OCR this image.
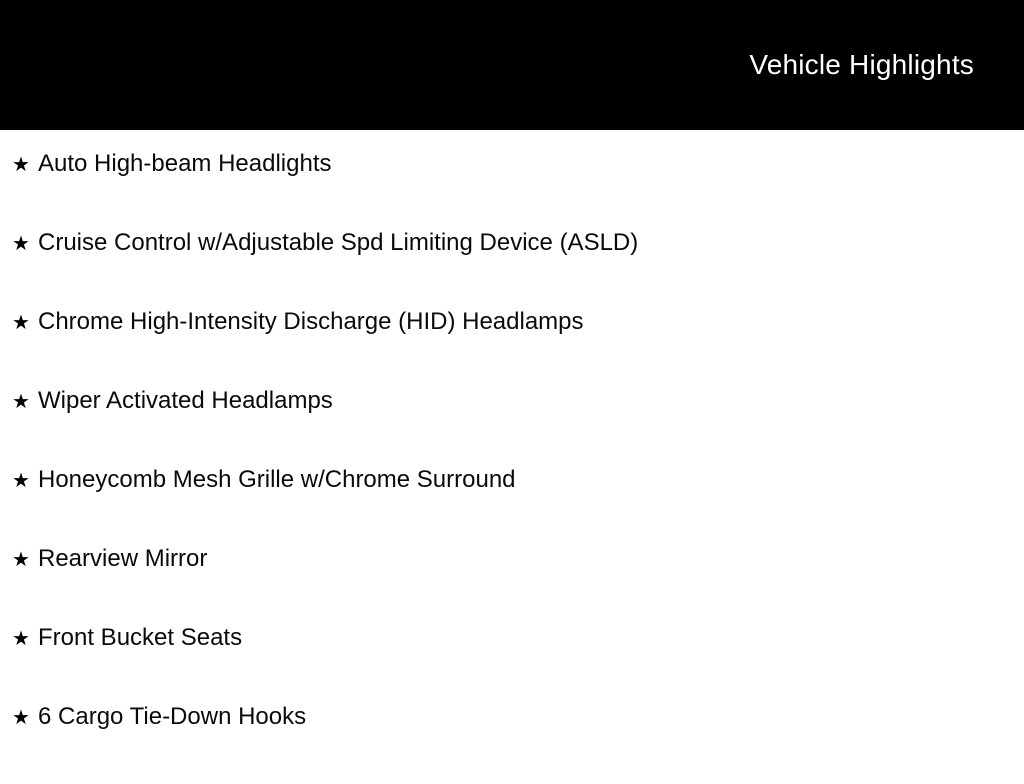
Vehicle Highlights
★ Auto High-beam Headlights
★ Cruise Control w/Adjustable Spd Limiting Device (ASLD)
★ Chrome High-Intensity Discharge (HID) Headlamps
★ Wiper Activated Headlamps
★ Honeycomb Mesh Grille w/Chrome Surround
★ Rearview Mirror
★ Front Bucket Seats
★ 6 Cargo Tie-Down Hooks
